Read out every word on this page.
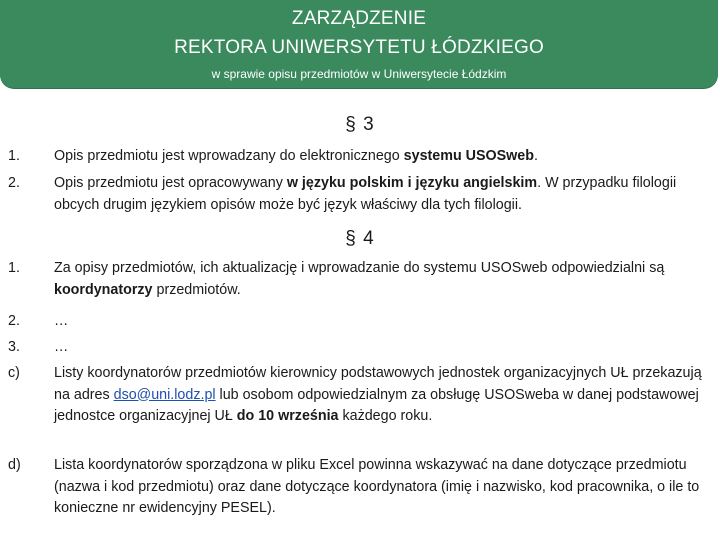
ZARZĄDZENIE
REKTORA UNIWERSYTETU ŁÓDZKIEGO
w sprawie opisu przedmiotów w Uniwersytecie Łódzkim
§ 3
1. Opis przedmiotu jest wprowadzany do elektronicznego systemu USOSweb.
2. Opis przedmiotu jest opracowywany w języku polskim i języku angielskim. W przypadku filologii obcych drugim językiem opisów może być język właściwy dla tych filologii.
§ 4
1. Za opisy przedmiotów, ich aktualizację i wprowadzanie do systemu USOSweb odpowiedzialni są koordynatorzy przedmiotów.
2. …
3. …
c) Listy koordynatorów przedmiotów kierownicy podstawowych jednostek organizacyjnych UŁ przekazują na adres dso@uni.lodz.pl lub osobom odpowiedzialnym za obsługę USOSweba w danej podstawowej jednostce organizacyjnej UŁ do 10 września każdego roku.
d) Lista koordynatorów sporządzona w pliku Excel powinna wskazywać na dane dotyczące przedmiotu (nazwa i kod przedmiotu) oraz dane dotyczące koordynatora (imię i nazwisko, kod pracownika, o ile to konieczne nr ewidencyjny PESEL).
